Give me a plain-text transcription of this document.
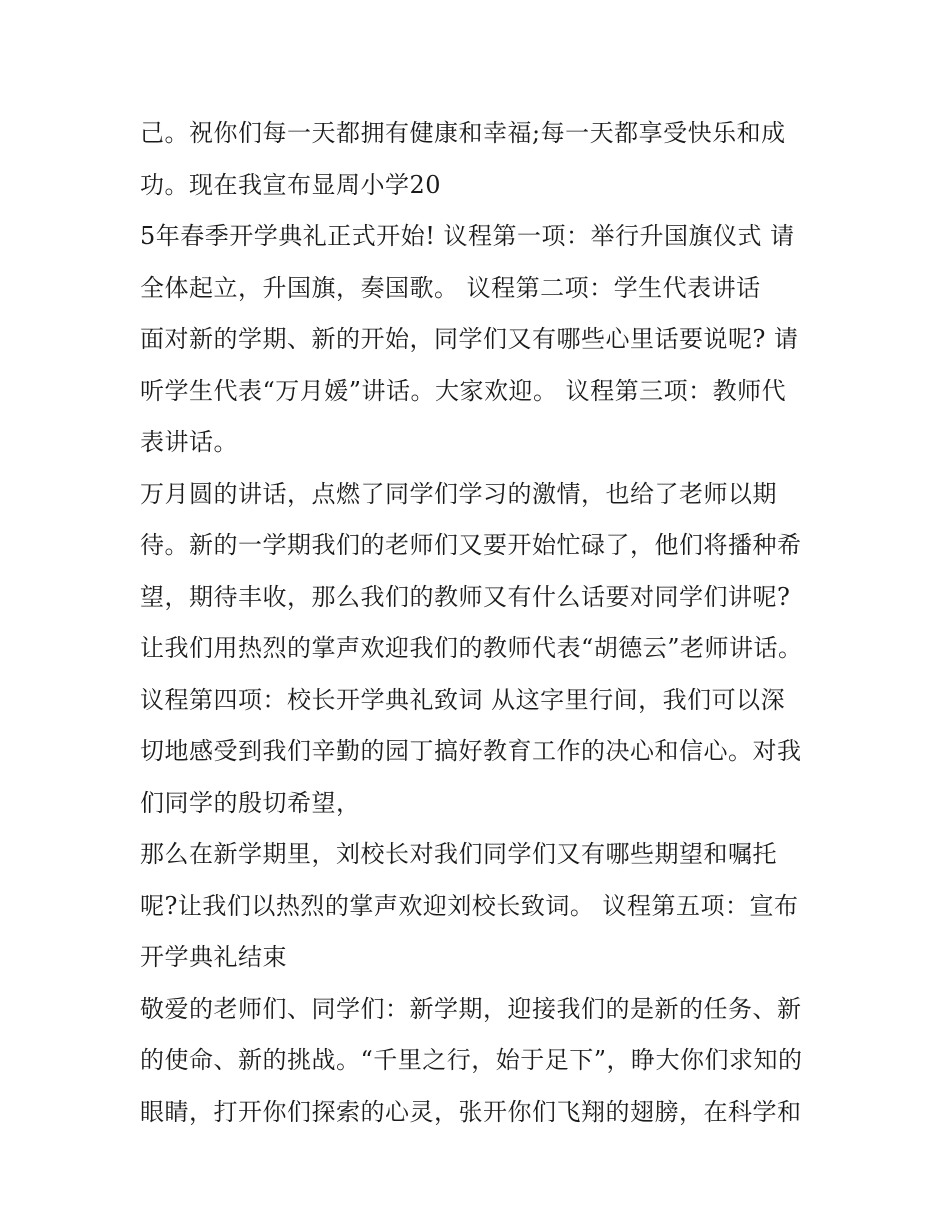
己。祝你们每一天都拥有健康和幸福;每一天都享受快乐和成
功。现在我宣布显周小学20
5年春季开学典礼正式开始! 议程第一项：举行升国旗仪式 请
全体起立，升国旗，奏国歌。 议程第二项：学生代表讲话
面对新的学期、新的开始，同学们又有哪些心里话要说呢? 请
听学生代表“万月媛”讲话。大家欢迎。 议程第三项：教师代
表讲话。
万月圆的讲话，点燃了同学们学习的激情，也给了老师以期
待。新的一学期我们的老师们又要开始忙碌了，他们将播种希
望，期待丰收，那么我们的教师又有什么话要对同学们讲呢?
让我们用热烈的掌声欢迎我们的教师代表“胡德云”老师讲话。
议程第四项：校长开学典礼致词 从这字里行间，我们可以深
切地感受到我们辛勤的园丁搞好教育工作的决心和信心。对我
们同学的殷切希望，
那么在新学期里，刘校长对我们同学们又有哪些期望和嘱托
呢?让我们以热烈的掌声欢迎刘校长致词。 议程第五项：宣布
开学典礼结束
敬爱的老师们、同学们：新学期，迎接我们的是新的任务、新
的使命、新的挑战。“千里之行，始于足下”，睁大你们求知的
眼睛，打开你们探索的心灵，张开你们飞翔的翅膀，在科学和
